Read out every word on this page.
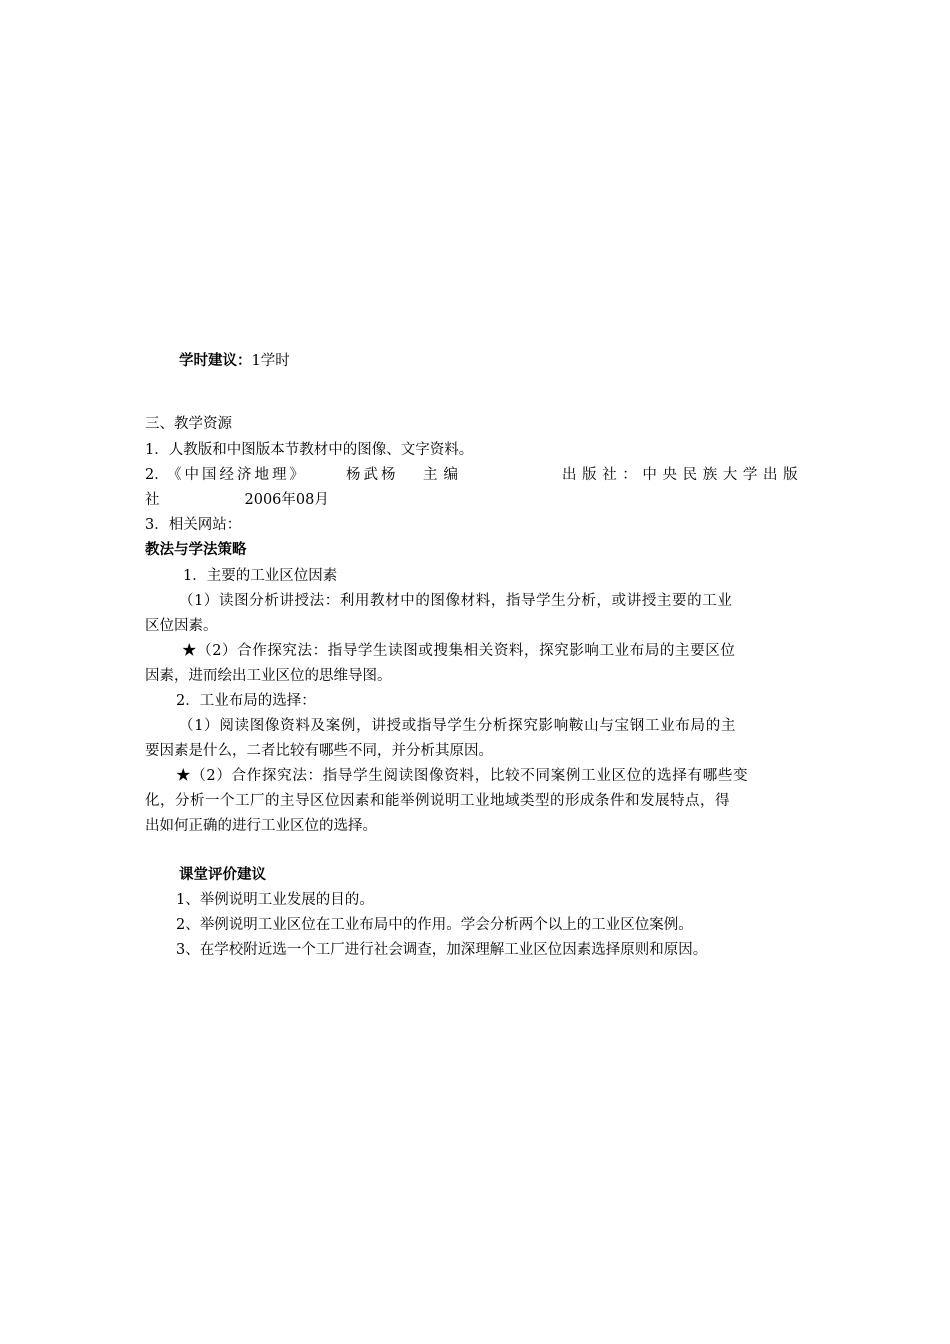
学时建议：1学时

三、教学资源

1．人教版和中图版本节教材中的图像、文字资料。

2．
《中国经济地理》	杨武杨 主编	出版社：中央民族大学出版

社	2006年08月

3．相关网站：

教法与学法策略

1．主要的工业区位因素

（1）读图分析讲授法：利用教材中的图像材料，指导学生分析，或讲授主要的工业

区位因素。

★（2）合作探究法：指导学生读图或搜集相关资料，探究影响工业布局的主要区位

因素，进而绘出工业区位的思维导图。

2．工业布局的选择：

（1）阅读图像资料及案例，讲授或指导学生分析探究影响鞍山与宝钢工业布局的主

要因素是什么，二者比较有哪些不同，并分析其原因。

★（2）合作探究法：指导学生阅读图像资料，比较不同案例工业区位的选择有哪些变

化，分析一个工厂的主导区位因素和能举例说明工业地域类型的形成条件和发展特点，得

出如何正确的进行工业区位的选择。

课堂评价建议

1、举例说明工业发展的目的。

2、举例说明工业区位在工业布局中的作用。学会分析两个以上的工业区位案例。

3、在学校附近选一个工厂进行社会调查，加深理解工业区位因素选择原则和原因。
